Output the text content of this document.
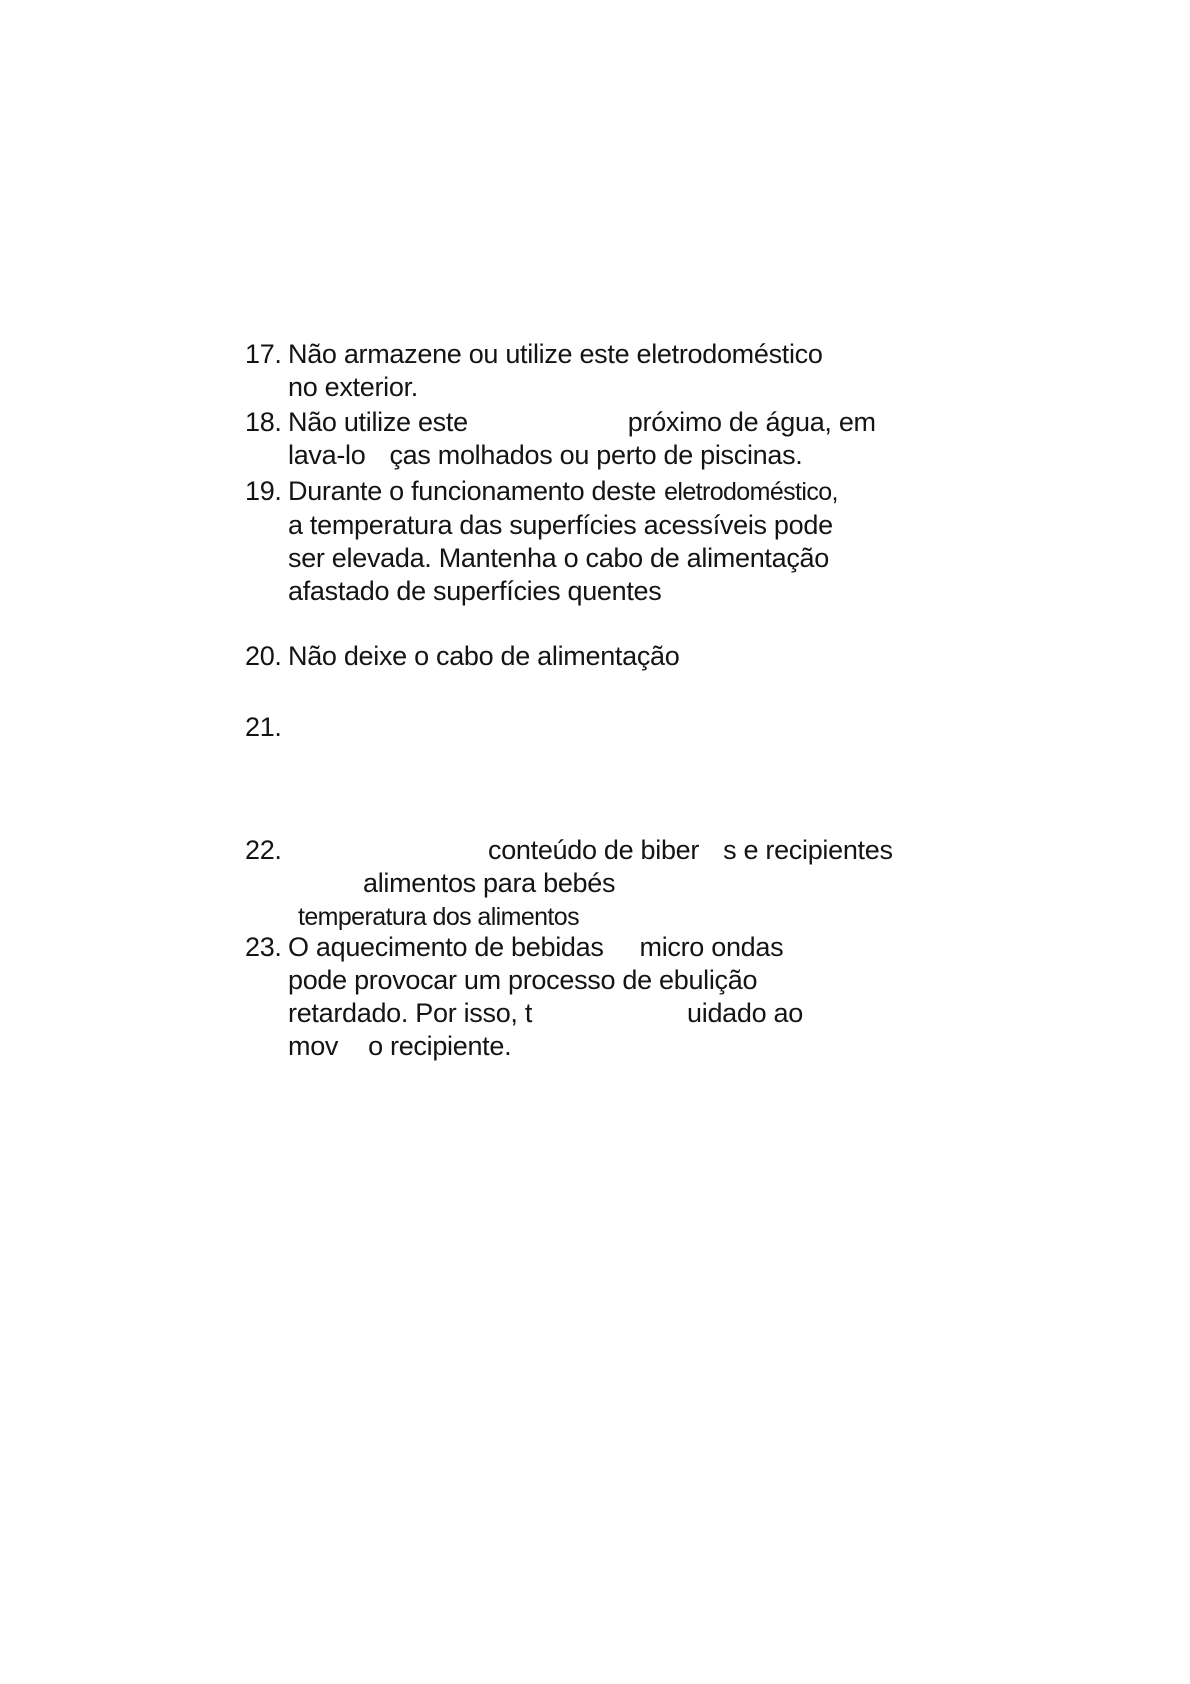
17. Não armazene ou utilize este eletrodoméstico
no exterior.
18. Não utilize este	próximo de água, em
lava-lo ças molhados ou perto de piscinas.
19. Durante o funcionamento deste eletrodoméstico,
a temperatura das superfícies acessíveis pode
ser elevada. Mantenha o cabo de alimentação
afastado de superfícies quentes
20. Não deixe o cabo de alimentação
21.
22.	conteúdo de biber s e recipientes
alimentos para bebés
temperatura dos alimentos
23. O aquecimento de bebidas micro ondas
pode provocar um processo de ebulição
retardado. Por isso, t	uidado ao
mov o recipiente.
